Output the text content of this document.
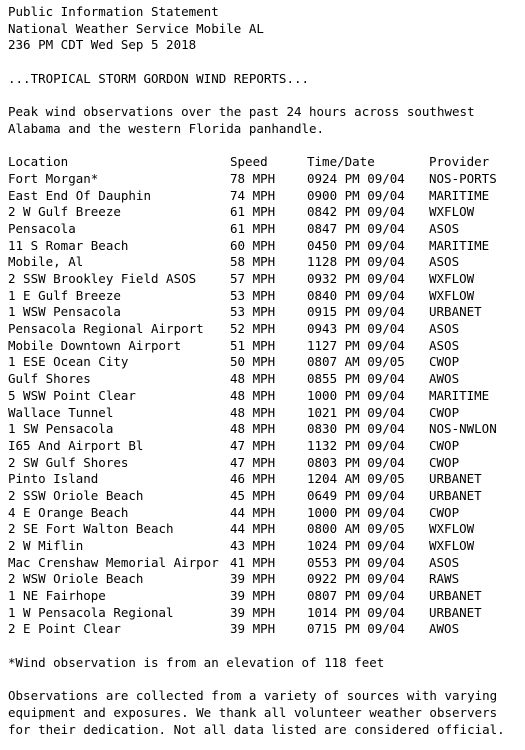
Public Information Statement
National Weather Service Mobile AL
236 PM CDT Wed Sep 5 2018
...TROPICAL STORM GORDON WIND REPORTS...
Peak wind observations over the past 24 hours across southwest
Alabama and the western Florida panhandle.
Location	Speed	Time/Date	Provider
Fort Morgan*	78 MPH	0924 PM 09/04	NOS-PORTS
East End Of Dauphin	74 MPH	0900 PM 09/04	MARITIME
2 W Gulf Breeze	61 MPH	0842 PM 09/04	WXFLOW
Pensacola	61 MPH	0847 PM 09/04	ASOS
11 S Romar Beach	60 MPH	0450 PM 09/04	MARITIME
Mobile, Al	58 MPH	1128 PM 09/04	ASOS
2 SSW Brookley Field ASOS	57 MPH	0932 PM 09/04	WXFLOW
1 E Gulf Breeze	53 MPH	0840 PM 09/04	WXFLOW
1 WSW Pensacola	53 MPH	0915 PM 09/04	URBANET
Pensacola Regional Airport	52 MPH	0943 PM 09/04	ASOS
Mobile Downtown Airport	51 MPH	1127 PM 09/04	ASOS
1 ESE Ocean City	50 MPH	0807 AM 09/05	CWOP
Gulf Shores	48 MPH	0855 PM 09/04	AWOS
5 WSW Point Clear	48 MPH	1000 PM 09/04	MARITIME
Wallace Tunnel	48 MPH	1021 PM 09/04	CWOP
1 SW Pensacola	48 MPH	0830 PM 09/04	NOS-NWLON
I65 And Airport Bl	47 MPH	1132 PM 09/04	CWOP
2 SW Gulf Shores	47 MPH	0803 PM 09/04	CWOP
Pinto Island	46 MPH	1204 AM 09/05	URBANET
2 SSW Oriole Beach	45 MPH	0649 PM 09/04	URBANET
4 E Orange Beach	44 MPH	1000 PM 09/04	CWOP
2 SE Fort Walton Beach	44 MPH	0800 AM 09/05	WXFLOW
2 W Miflin	43 MPH	1024 PM 09/04	WXFLOW
Mac Crenshaw Memorial Airpor 41 MPH	0553 PM 09/04	ASOS
2 WSW Oriole Beach	39 MPH	0922 PM 09/04	RAWS
1 NE Fairhope	39 MPH	0807 PM 09/04	URBANET
1 W Pensacola Regional	39 MPH	1014 PM 09/04	URBANET
2 E Point Clear	39 MPH	0715 PM 09/04	AWOS
*Wind observation is from an elevation of 118 feet
Observations are collected from a variety of sources with varying
equipment and exposures. We thank all volunteer weather observers
for their dedication. Not all data listed are considered official.
